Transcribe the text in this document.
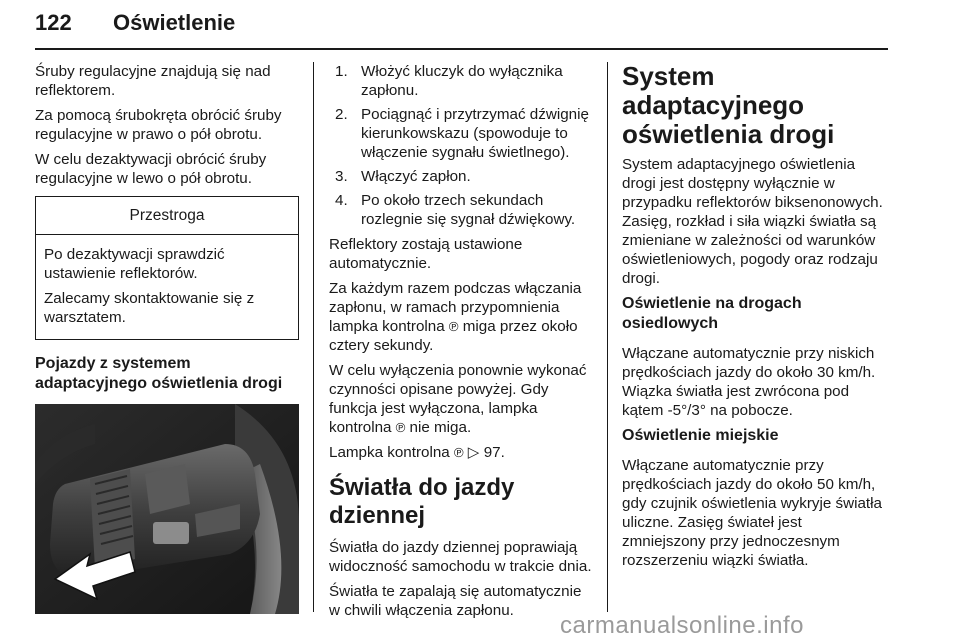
122 Oświetlenie

Śruby regulacyjne znajdują się nad reflektorem.

Za pomocą śrubokręta obrócić śruby regulacyjne w prawo o pół obrotu.

W celu dezaktywacji obrócić śruby regulacyjne w lewo o pół obrotu.

Przestroga

Po dezaktywacji sprawdzić ustawienie reflektorów.

Zalecamy skontaktowanie się z warsztatem.

Pojazdy z systemem adaptacyjnego oświetlenia drogi
1. Włożyć kluczyk do wyłącznika zapłonu.
2. Pociągnąć i przytrzymać dźwignię kierunkowskazu (spowoduje to włączenie sygnału świetlnego).
3. Włączyć zapłon.
4. Po około trzech sekundach rozlegnie się sygnał dźwiękowy.

Reflektory zostają ustawione automatycznie.

Za każdym razem podczas włączania zapłonu, w ramach przypomnienia lampka kontrolna ℗ miga przez około cztery sekundy.

W celu wyłączenia ponownie wykonać czynności opisane powyżej. Gdy funkcja jest wyłączona, lampka kontrolna ℗ nie miga.

Lampka kontrolna ℗ ▷ 97.

Światła do jazdy dziennej

Światła do jazdy dziennej poprawiają widoczność samochodu w trakcie dnia.

Światła te zapalają się automatycznie w chwili włączenia zapłonu.

System adaptacyjnego oświetlenia drogi

System adaptacyjnego oświetlenia drogi jest dostępny wyłącznie w przypadku reflektorów biksenonowych. Zasięg, rozkład i siła wiązki światła są zmieniane w zależności od warunków oświetleniowych, pogody oraz rodzaju drogi.

Oświetlenie na drogach osiedlowych

Włączane automatycznie przy niskich prędkościach jazdy do około 30 km/h. Wiązka światła jest zwrócona pod kątem -5°/3° na pobocze.

Oświetlenie miejskie

Włączane automatycznie przy prędkościach jazdy do około 50 km/h, gdy czujnik oświetlenia wykryje światła uliczne. Zasięg świateł jest zmniejszony przy jednoczesnym rozszerzeniu wiązki światła.

carmanualsonline.info
